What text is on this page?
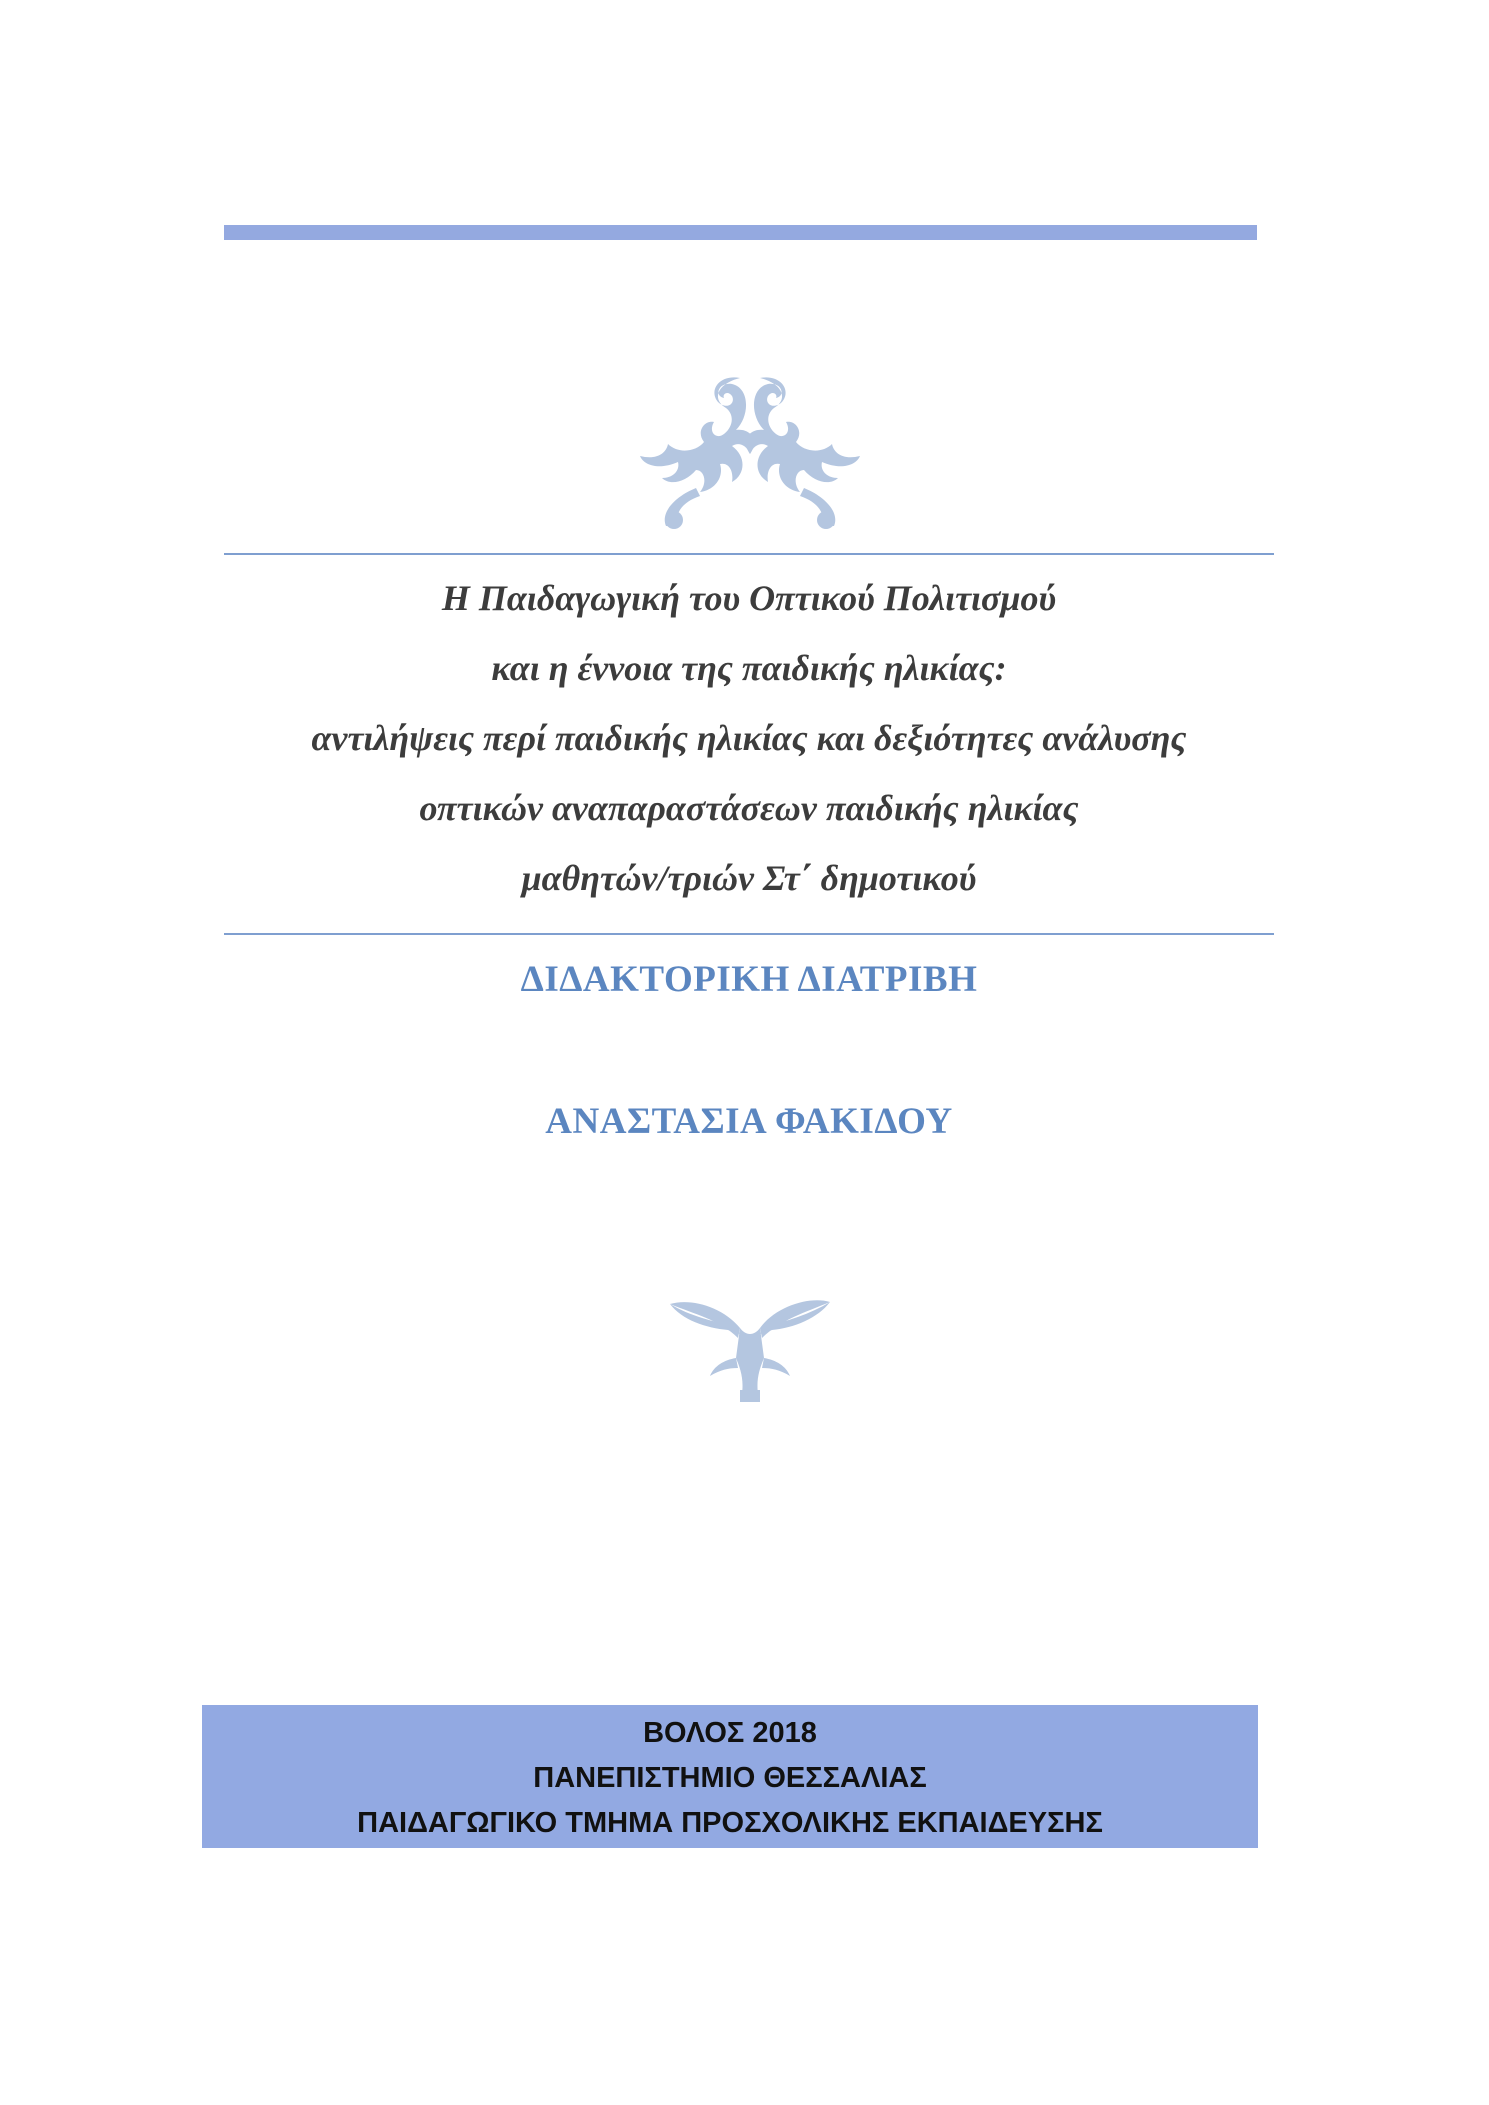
Η Παιδαγωγική του Οπτικού Πολιτισμού
και η έννοια της παιδικής ηλικίας:
αντιλήψεις περί παιδικής ηλικίας και δεξιότητες ανάλυσης
οπτικών αναπαραστάσεων παιδικής ηλικίας
μαθητών/τριών Στ΄ δημοτικού
ΔΙΔΑΚΤΟΡΙΚΗ ΔΙΑΤΡΙΒΗ
ΑΝΑΣΤΑΣΙΑ ΦΑΚΙΔΟΥ
ΒΟΛΟΣ 2018
ΠΑΝΕΠΙΣΤΗΜΙΟ ΘΕΣΣΑΛΙΑΣ
ΠΑΙΔΑΓΩΓΙΚΟ ΤΜΗΜΑ ΠΡΟΣΧΟΛΙΚΗΣ ΕΚΠΑΙΔΕΥΣΗΣ
